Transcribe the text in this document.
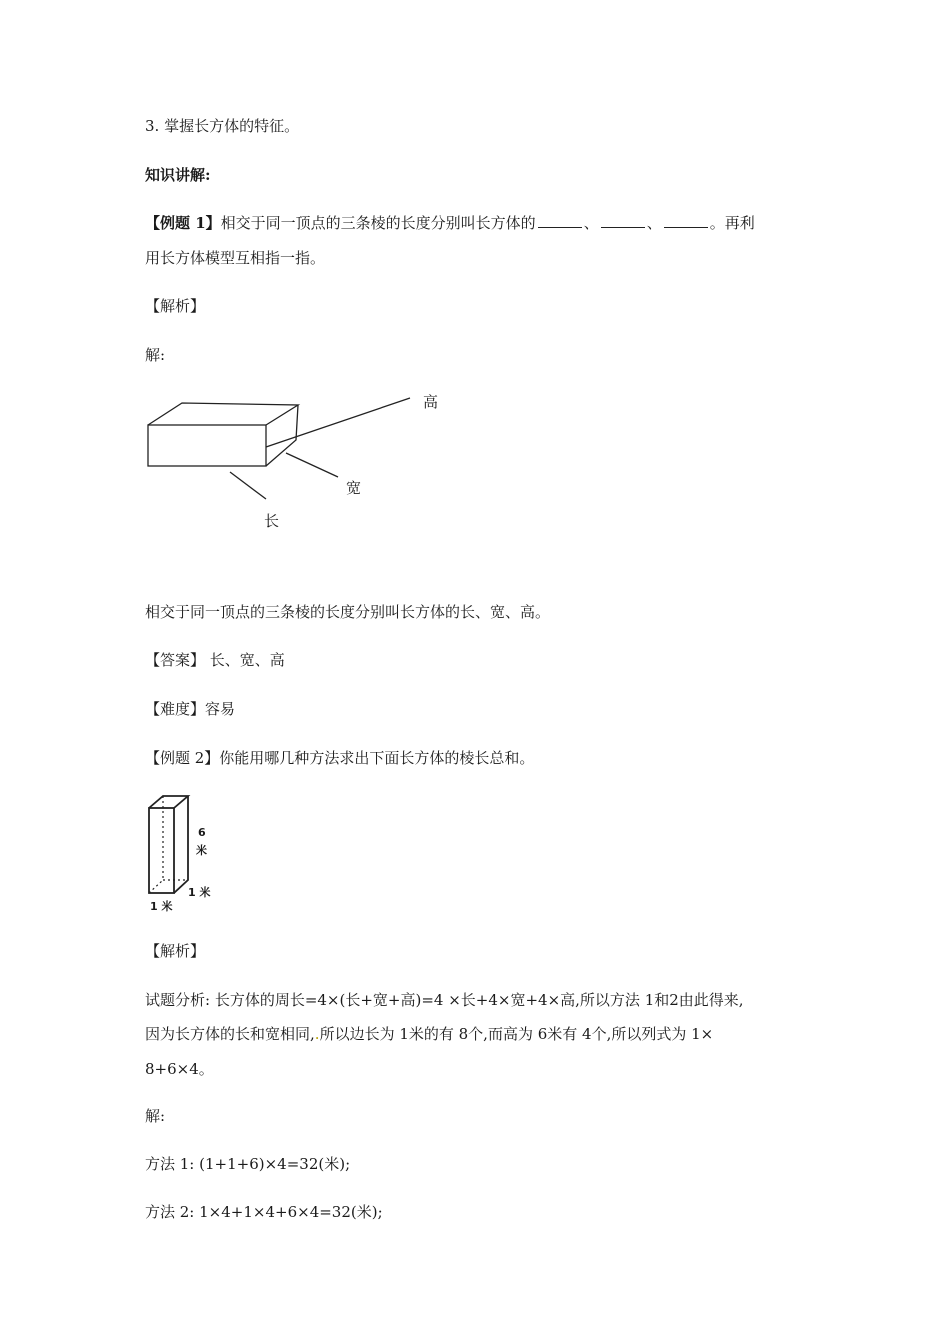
3. 掌握长方体的特征。
知识讲解:
【例题 1】相交于同一顶点的三条棱的长度分别叫长方体的	、	、	。再利
用长方体模型互相指一指。
【解析】
解:
高
宽
长
相交于同一顶点的三条棱的长度分别叫长方体的长、宽、高。
【答案】 长、宽、高
【难度】容易
【例题 2】你能用哪几种方法求出下面长方体的棱长总和。
6
米
1 米
1 米
【解析】
试题分析: 长方体的周长=4×(长+宽+高)=4 ×长+4×宽+4×高,所以方法 1和2由此得来,
因为长方体的长和宽相同,.所以边长为 1米的有 8个,而高为 6米有 4个,所以列式为 1×
8+6×4。
解:
方法 1: (1+1+6)×4=32(米);
方法 2: 1×4+1×4+6×4=32(米);
